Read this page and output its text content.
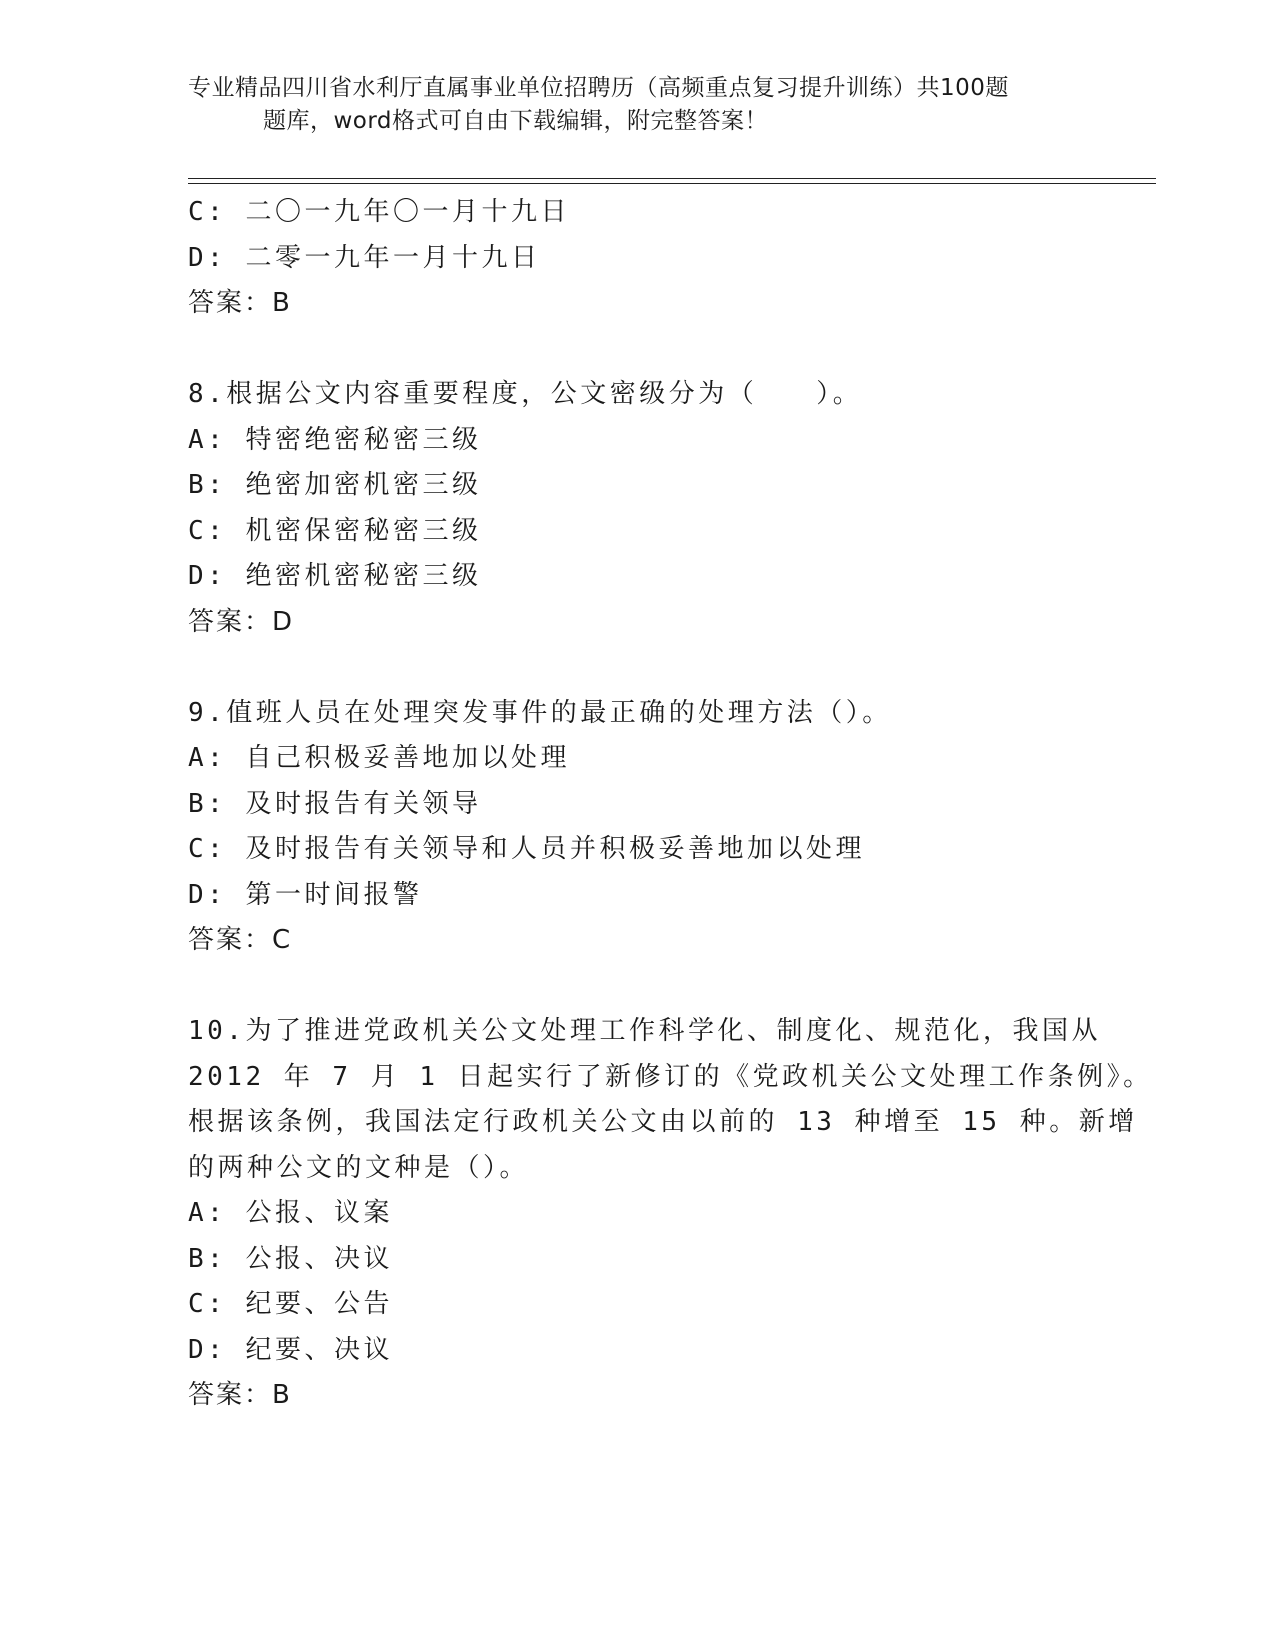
专业精品四川省水利厅直属事业单位招聘历（高频重点复习提升训练）共100题
题库，word格式可自由下载编辑，附完整答案！
C: 二〇一九年〇一月十九日
D: 二零一九年一月十九日
答案：B
8.根据公文内容重要程度，公文密级分为（　　）。
A: 特密绝密秘密三级
B: 绝密加密机密三级
C: 机密保密秘密三级
D: 绝密机密秘密三级
答案：D
9.值班人员在处理突发事件的最正确的处理方法（）。
A: 自己积极妥善地加以处理
B: 及时报告有关领导
C: 及时报告有关领导和人员并积极妥善地加以处理
D: 第一时间报警
答案：C
10.为了推进党政机关公文处理工作科学化、制度化、规范化，我国从
2012 年 7 月 1 日起实行了新修订的《党政机关公文处理工作条例》。
根据该条例，我国法定行政机关公文由以前的 13 种增至 15 种。新增
的两种公文的文种是（）。
A: 公报、议案
B: 公报、决议
C: 纪要、公告
D: 纪要、决议
答案：B
